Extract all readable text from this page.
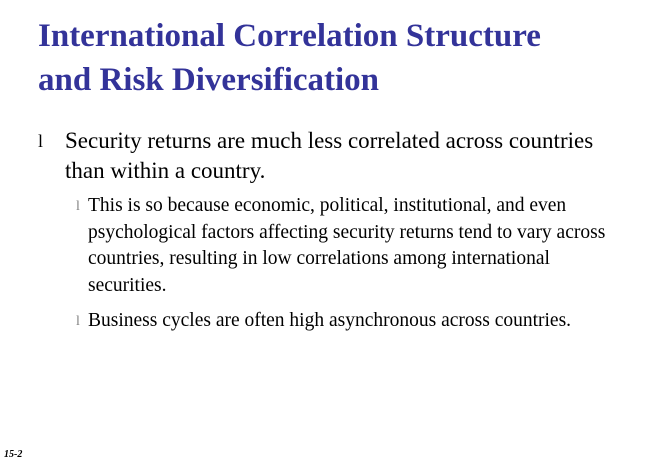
International Correlation Structure
and Risk Diversification
l Security returns are much less correlated across countries than within a country.
l This is so because economic, political, institutional, and even psychological factors affecting security returns tend to vary across countries, resulting in low correlations among international securities.
l Business cycles are often high asynchronous across countries.
15-2
